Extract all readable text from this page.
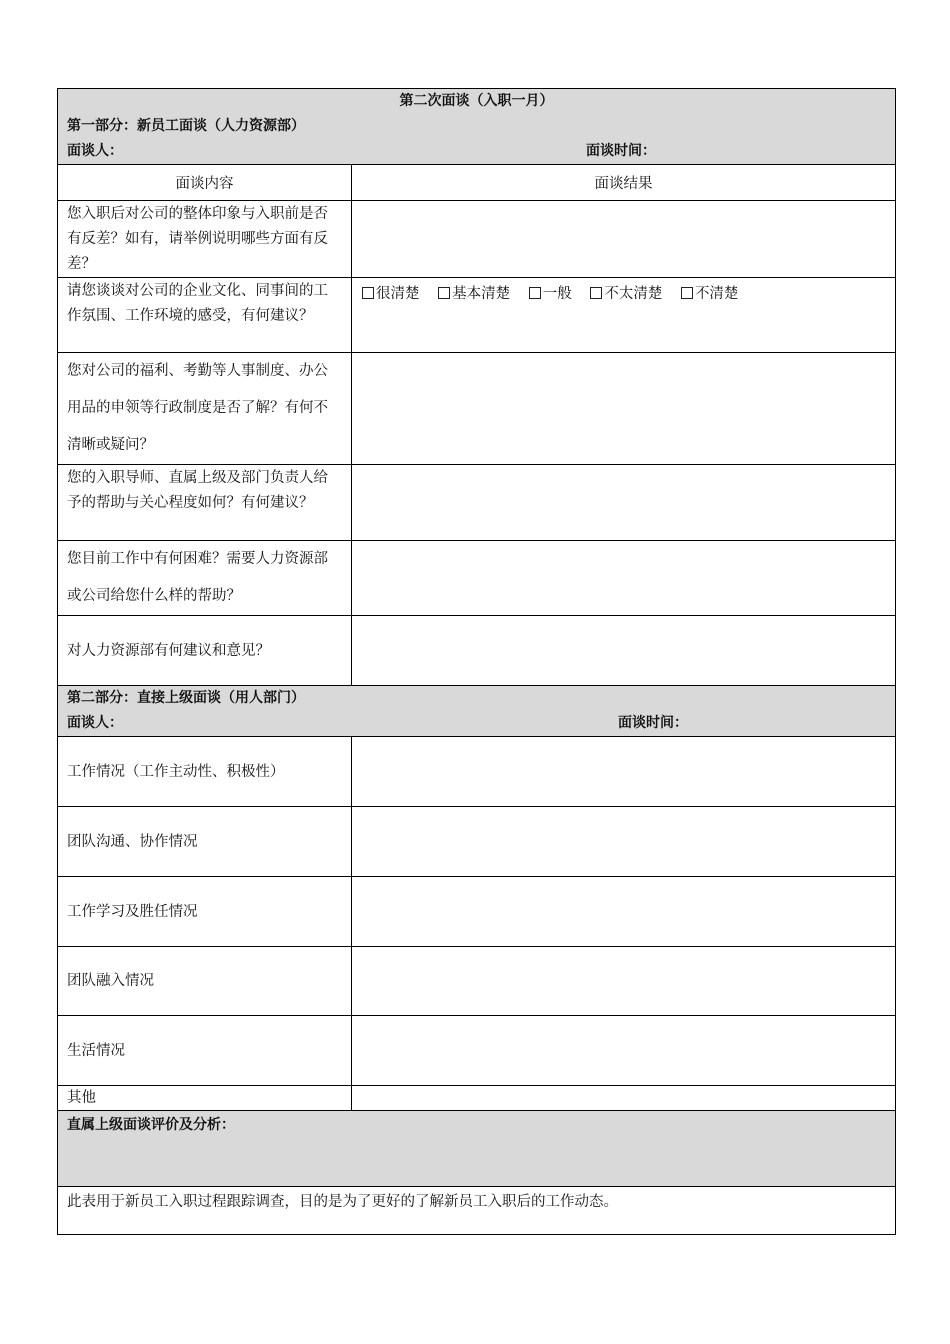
第二次面谈（入职一月）
第一部分：新员工面谈（人力资源部）
面谈人： 面谈时间：	

面谈内容	面谈结果
您入职后对公司的整体印象与入职前是否有反差？如有，请举例说明哪些方面有反差？	
请您谈谈对公司的企业文化、同事间的工作氛围、工作环境的感受，有何建议？	很清楚 基本清楚 一般 不太清楚 不清楚
您对公司的福利、考勤等人事制度、办公用品的申领等行政制度是否了解？有何不清晰或疑问？	
您的入职导师、直属上级及部门负责人给予的帮助与关心程度如何？有何建议？	
您目前工作中有何困难？需要人力资源部或公司给您什么样的帮助？	
对人力资源部有何建议和意见？	

第二部分：直接上级面谈（用人部门）
面谈人： 面谈时间：	

工作情况（工作主动性、积极性）	
团队沟通、协作情况	
工作学习及胜任情况	
团队融入情况	
生活情况	
其他	

直属上级面谈评价及分析：	

此表用于新员工入职过程跟踪调查，目的是为了更好的了解新员工入职后的工作动态。	
